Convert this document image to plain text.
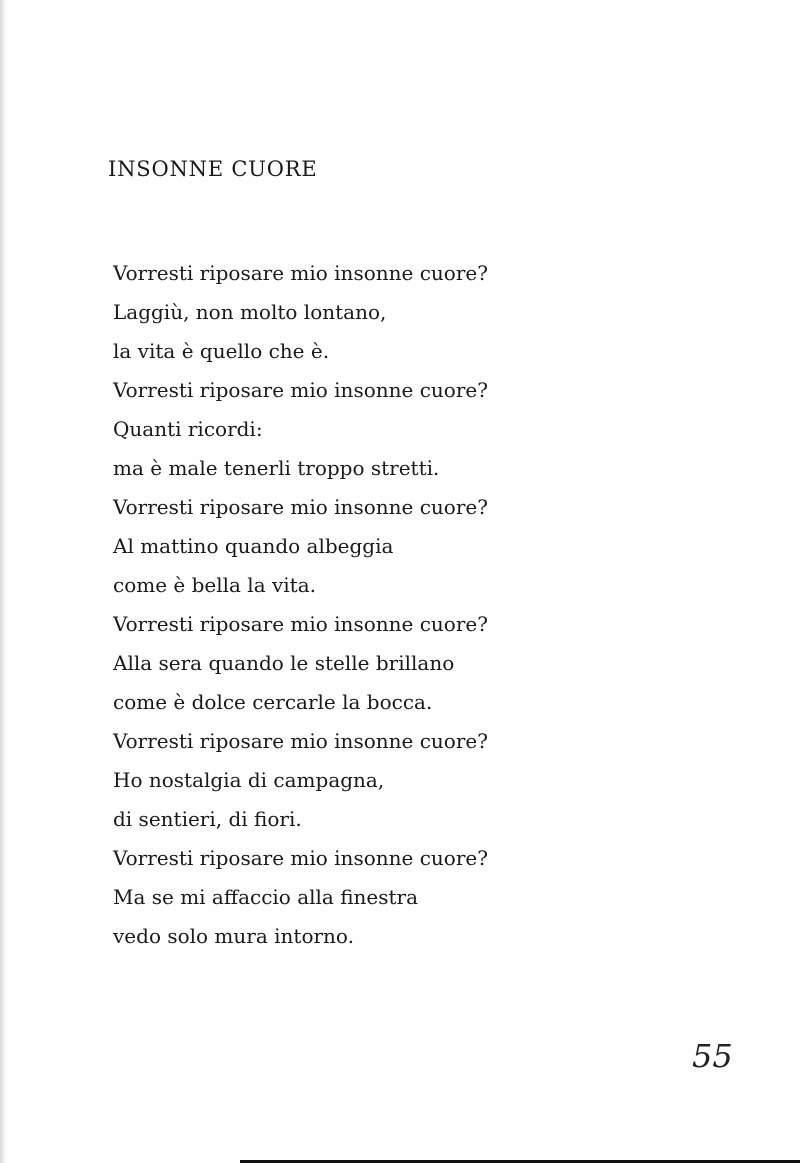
INSONNE CUORE
Vorresti riposare mio insonne cuore?
Laggiù, non molto lontano,
la vita è quello che è.
Vorresti riposare mio insonne cuore?
Quanti ricordi:
ma è male tenerli troppo stretti.
Vorresti riposare mio insonne cuore?
Al mattino quando albeggia
come è bella la vita.
Vorresti riposare mio insonne cuore?
Alla sera quando le stelle brillano
come è dolce cercarle la bocca.
Vorresti riposare mio insonne cuore?
Ho nostalgia di campagna,
di sentieri, di fiori.
Vorresti riposare mio insonne cuore?
Ma se mi affaccio alla finestra
vedo solo mura intorno.
55
